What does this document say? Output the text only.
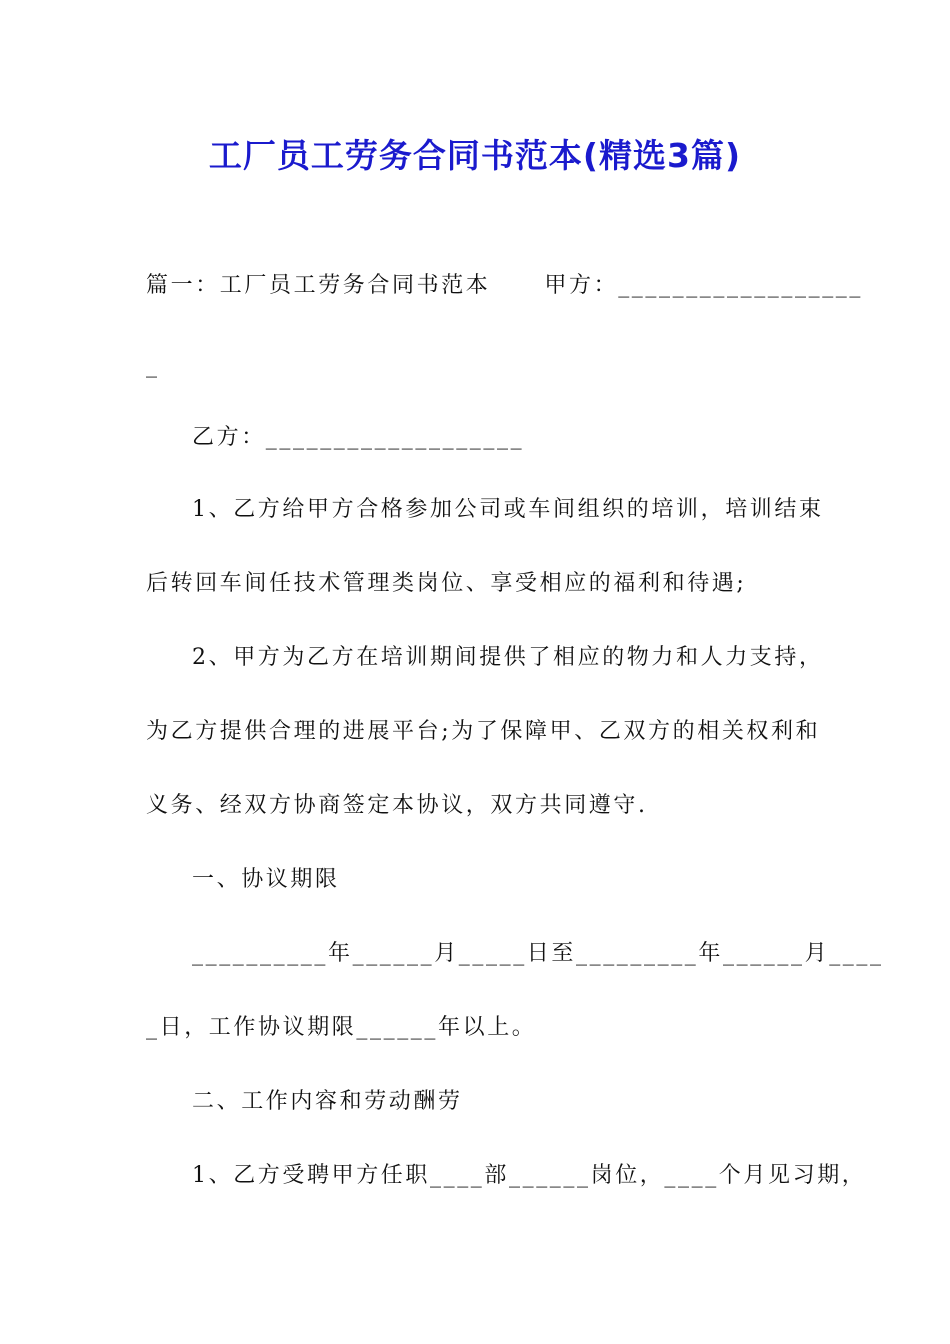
工厂员工劳务合同书范本(精选3篇)
篇一：工厂员工劳务合同书范本 甲方：__________________
_
乙方：___________________
1、乙方给甲方合格参加公司或车间组织的培训，培训结束
后转回车间任技术管理类岗位、享受相应的福利和待遇;
2、甲方为乙方在培训期间提供了相应的物力和人力支持，
为乙方提供合理的进展平台;为了保障甲、乙双方的相关权利和
义务、经双方协商签定本协议，双方共同遵守.
一、协议期限
__________年______月_____日至_________年______月____
_日，工作协议期限______年以上。
二、工作内容和劳动酬劳
1、乙方受聘甲方任职____部______岗位，____个月见习期，
